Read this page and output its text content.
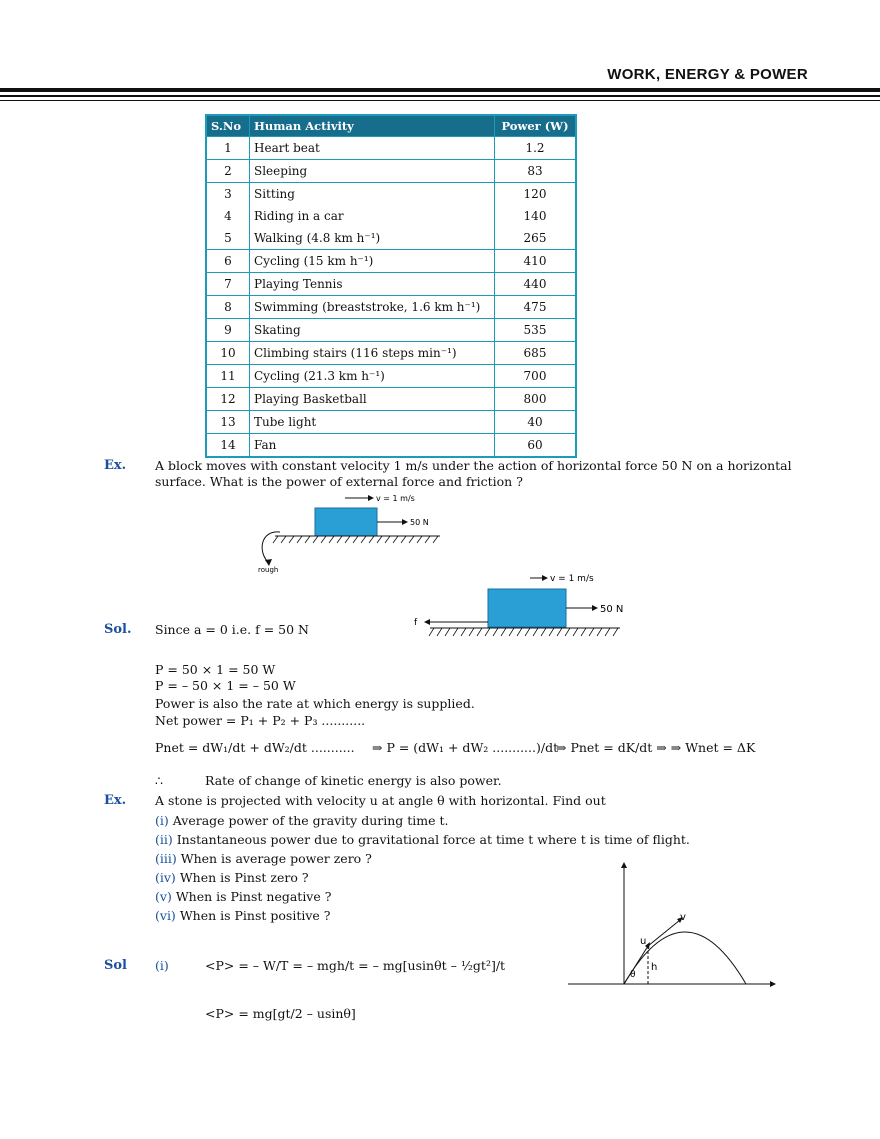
WORK, ENERGY & POWER
S.No	Human Activity	Power (W)
1	Heart beat	1.2
2	Sleeping	83
3	Sitting	120
4	Riding in a car	140
5	Walking (4.8 km h⁻¹)	265
6	Cycling (15 km h⁻¹)	410
7	Playing Tennis	440
8	Swimming (breaststroke, 1.6 km h⁻¹)	475
9	Skating	535
10	Climbing stairs (116 steps min⁻¹)	685
11	Cycling (21.3 km h⁻¹)	700
12	Playing Basketball	800
13	Tube light	40
14	Fan	60
Ex. A block moves with constant velocity 1 m/s under the action of horizontal force 50 N on a horizontal surface. What is the power of external force and friction ?
v = 1 m/s
50 N
rough
v = 1 m/s
50 N
f
Sol. Since a = 0 i.e. f = 50 N
P = 50 × 1 = 50 W
P = – 50 × 1 = – 50 W
Power is also the rate at which energy is supplied.
Net power = P₁ + P₂ + P₃ ...........
Pnet = dW₁/dt + dW₂/dt ........... ⇒ P = (dW₁ + dW₂ ...........)/dt
⇒ Pnet = dK/dt ⇒ ⇒ Wnet = ΔK
∴	Rate of change of kinetic energy is also power.
Ex. A stone is projected with velocity u at angle θ with horizontal. Find out
(i) Average power of the gravity during time t.
(ii) Instantaneous power due to gravitational force at time t where t is time of flight.
(iii) When is average power zero ?
(iv) When is Pinst zero ?
(v) When is Pinst negative ?
(vi) When is Pinst positive ?
u
v
h
θ
Sol (i)	<P> = – W/T = – mgh/t = – mg[usinθt – ½gt²]/t
<P> = mg[gt/2 – usinθ]
